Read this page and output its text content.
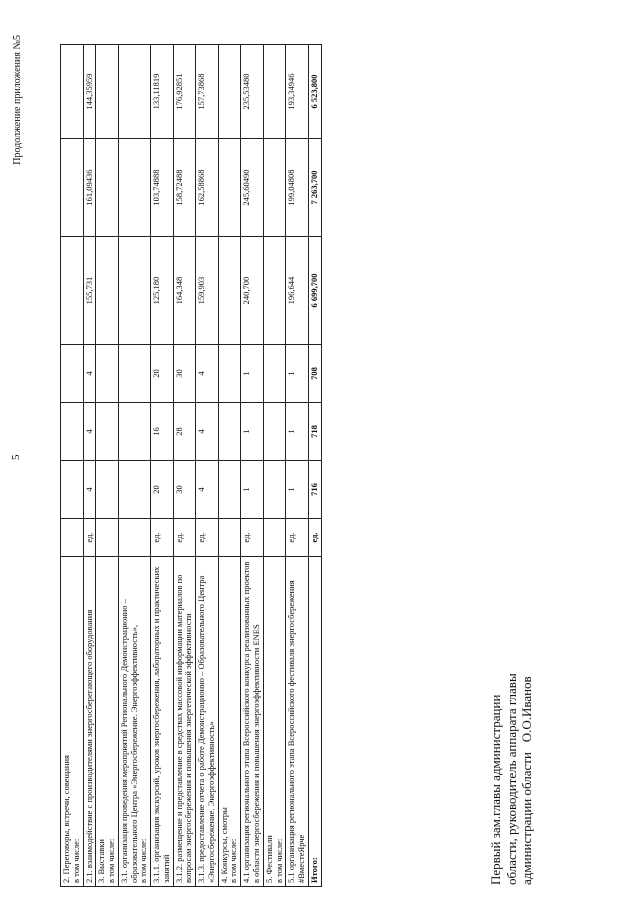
5
Продолжение приложения №5
2. Переговоры, встречи, совещания
в том числе:							
2.1. взаимодействие с производителями энергосберегающего оборудования	ед.	4	4	4	155,731	161,09436	144,35959
3. Выставки
в том числе:							
3.1. организация проведения мероприятий Регионального Демонстрационно – образовательного Центра «Энергосбережение. Энергоэффективность»,
в том числе:							
3.1.1. организация экскурсий, уроков энергосбережения, лабораторных и практических занятий	ед.	20	16	20	125,180	103,74888	133,11819
3.1.2. размещение и представление в средствах массовой информации материалов по вопросам энергосбережения и повышения энергетической эффективности	ед.	30	28	30	164,348	158,72488	176,92851
3.1.3. предоставление отчета о работе Демонстрационно – Образовательного Центра «Энергосбережение. Энергоэффективность»	ед.	4	4	4	159,903	162,58868	157,73868
4. Конкурсы, смотры
в том числе:							
4.1 организация регионального этапа Всероссийского конкурса реализованных проектов в области энергосбережения и повышения энергоэффективности ENES	ед.	1	1	1	240,700	245,60490	235,53480
5. Фестивали
в том числе:							
5.1 организация регионального этапа Всероссийского фестиваля энергосбережения #ВместеЯрче	ед.	1	1	1	196,644	199,04808	193,34946
Итого:	ед.	716	718	708	6 699,700	7 263,700	6 523,800
Первый зам.главы администрации области, руководитель аппарата главы администрации области   О.О.Иванов
